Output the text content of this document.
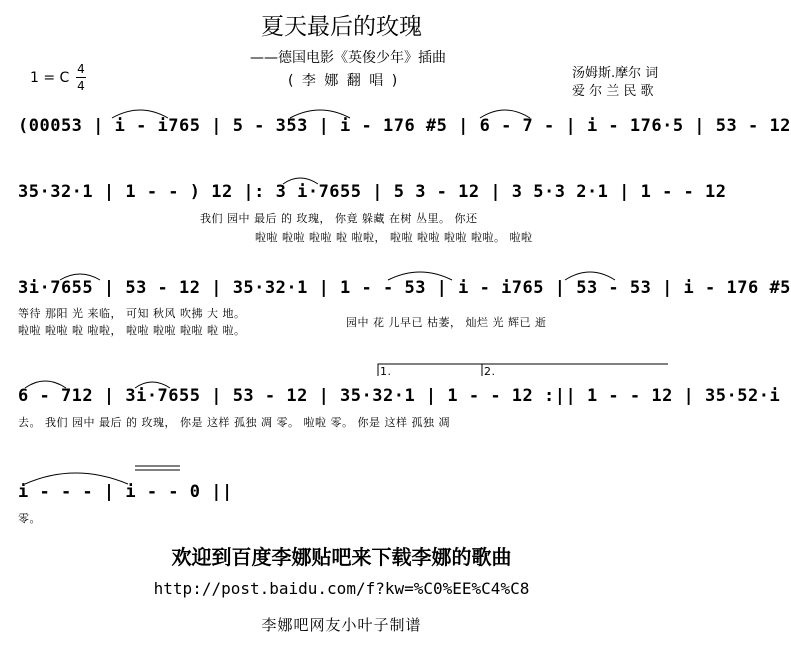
夏天最后的玫瑰
——德国电影《英俊少年》插曲
( 李 娜 翻 唱 )	汤姆斯.摩尔 词
爱 尔 兰 民 歌
1 = C
4
4
(00053 | i - i765 | 5 - 353 | i - 176 #5 | 6 - 7 - | i - 176·5 | 53 - 12
35·32·1 | 1 - - ) 12 |: 3 i·7655 | 5 3 - 12 | 3 5·3 2·1 | 1 - - 12
我们 园中 最后 的 玫瑰， 你竟 躲藏 在树 丛里。 你还
啦啦 啦啦 啦啦 啦 啦啦， 啦啦 啦啦 啦啦 啦啦。 啦啦
3i·7655 | 53 - 12 | 35·32·1 | 1 - - 53 | i - i765 | 53 - 53 | i - 176 #5
等待 那阳 光 来临， 可知 秋风 吹拂 大 地。
啦啦 啦啦 啦 啦啦， 啦啦 啦啦 啦啦 啦 啦。
园中 花 儿早已 枯萎， 灿烂 光 辉已 逝
6 - 712 | 3i·7655 | 53 - 12 | 35·32·1 | 1 - - 12 :|| 1 - - 12 | 35·52·i
1.	2.
去。 我们 园中 最后 的 玫瑰， 你是 这样 孤独 凋 零。 啦啦 零。 你是 这样 孤独 凋
i - - - | i - - 0 ||
零。
欢迎到百度李娜贴吧来下载李娜的歌曲
http://post.baidu.com/f?kw=%C0%EE%C4%C8
李娜吧网友小叶子制谱
